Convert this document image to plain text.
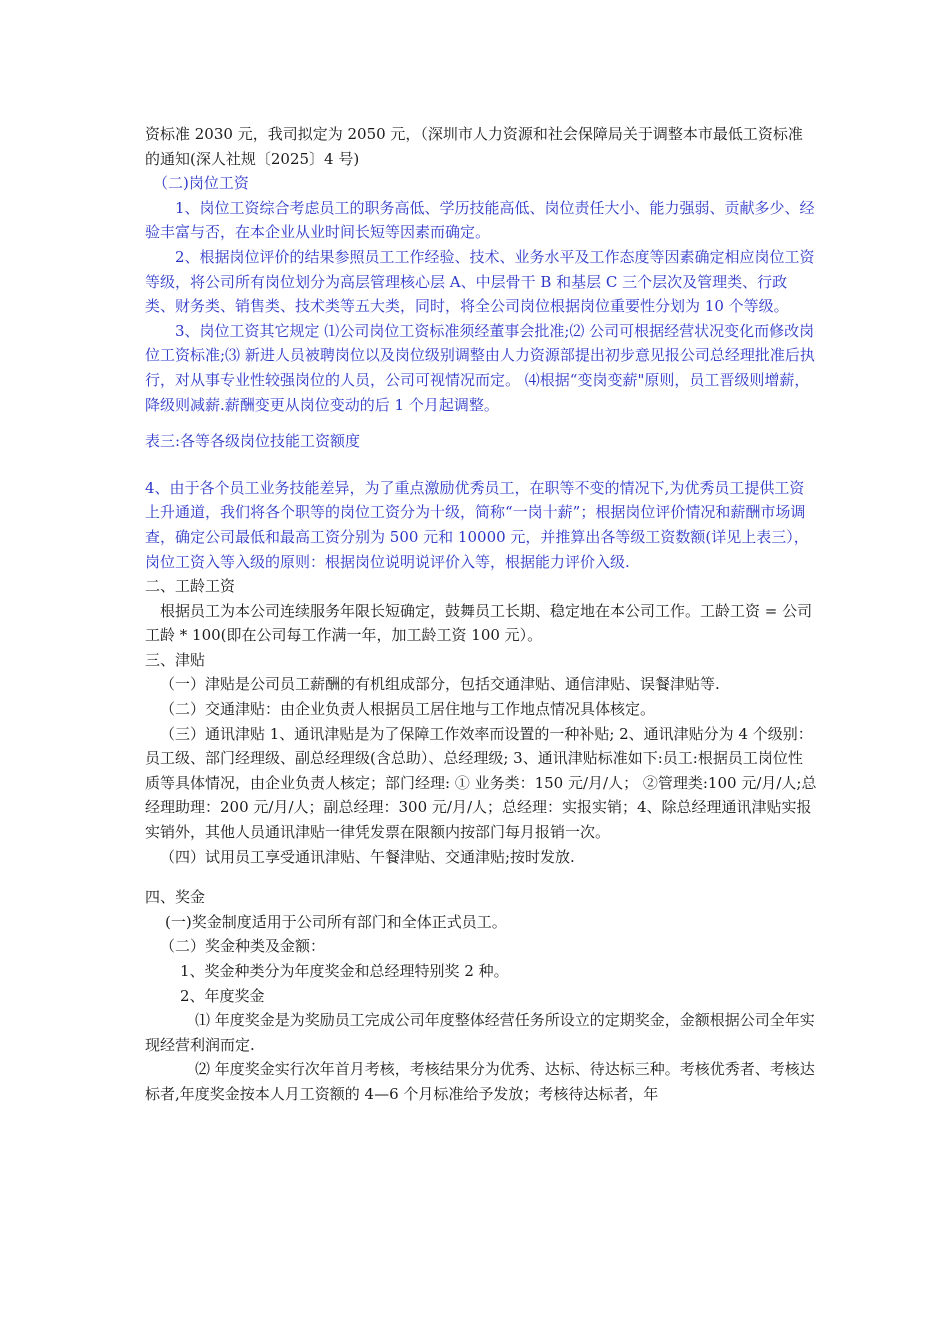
资标准 2030 元，我司拟定为 2050 元，（深圳市人力资源和社会保障局关于调整本市最低工资标准的通知(深人社规〔2025〕4 号)

（二)岗位工资

1、岗位工资综合考虑员工的职务高低、学历技能高低、岗位责任大小、能力强弱、贡献多少、经验丰富与否，在本企业从业时间长短等因素而确定。

2、根据岗位评价的结果参照员工工作经验、技术、业务水平及工作态度等因素确定相应岗位工资等级，将公司所有岗位划分为高层管理核心层 A、中层骨干 B 和基层 C 三个层次及管理类、行政类、财务类、销售类、技术类等五大类，同时，将全公司岗位根据岗位重要性分划为 10 个等级。

3、岗位工资其它规定 ⑴公司岗位工资标准须经董事会批准;⑵ 公司可根据经营状况变化而修改岗位工资标准;⑶ 新进人员被聘岗位以及岗位级别调整由人力资源部提出初步意见报公司总经理批准后执行，对从事专业性较强岗位的人员，公司可视情况而定。 ⑷根据“变岗变薪"原则，员工晋级则增薪，降级则减薪.薪酬变更从岗位变动的后 1 个月起调整。

表三:各等各级岗位技能工资额度

4、由于各个员工业务技能差异，为了重点激励优秀员工，在职等不变的情况下,为优秀员工提供工资上升通道，我们将各个职等的岗位工资分为十级，简称“一岗十薪”；根据岗位评价情况和薪酬市场调查，确定公司最低和最高工资分别为 500 元和 10000 元，并推算出各等级工资数额(详见上表三），岗位工资入等入级的原则：根据岗位说明说评价入等，根据能力评价入级.

二、工龄工资

根据员工为本公司连续服务年限长短确定，鼓舞员工长期、稳定地在本公司工作。工龄工资 = 公司工龄 * 100(即在公司每工作满一年，加工龄工资 100 元）。

三、津贴

（一）津贴是公司员工薪酬的有机组成部分，包括交通津贴、通信津贴、误餐津贴等.

（二）交通津贴：由企业负责人根据员工居住地与工作地点情况具体核定。

（三）通讯津贴 1、通讯津贴是为了保障工作效率而设置的一种补贴; 2、通讯津贴分为 4 个级别：员工级、部门经理级、副总经理级(含总助）、总经理级; 3、通讯津贴标准如下:员工:根据员工岗位性质等具体情况，由企业负责人核定；部门经理: ① 业务类：150 元/月/人； ②管理类:100 元/月/人;总经理助理：200 元/月/人；副总经理：300 元/月/人；总经理：实报实销；4、除总经理通讯津贴实报实销外，其他人员通讯津贴一律凭发票在限额内按部门每月报销一次。

（四）试用员工享受通讯津贴、午餐津贴、交通津贴;按时发放.

四、奖金

(一)奖金制度适用于公司所有部门和全体正式员工。

（二）奖金种类及金额：

1、奖金种类分为年度奖金和总经理特别奖 2 种。

2、年度奖金

⑴ 年度奖金是为奖励员工完成公司年度整体经营任务所设立的定期奖金，金额根据公司全年实现经营利润而定.

⑵ 年度奖金实行次年首月考核，考核结果分为优秀、达标、待达标三种。考核优秀者、考核达标者,年度奖金按本人月工资额的 4—6 个月标准给予发放；考核待达标者，年
